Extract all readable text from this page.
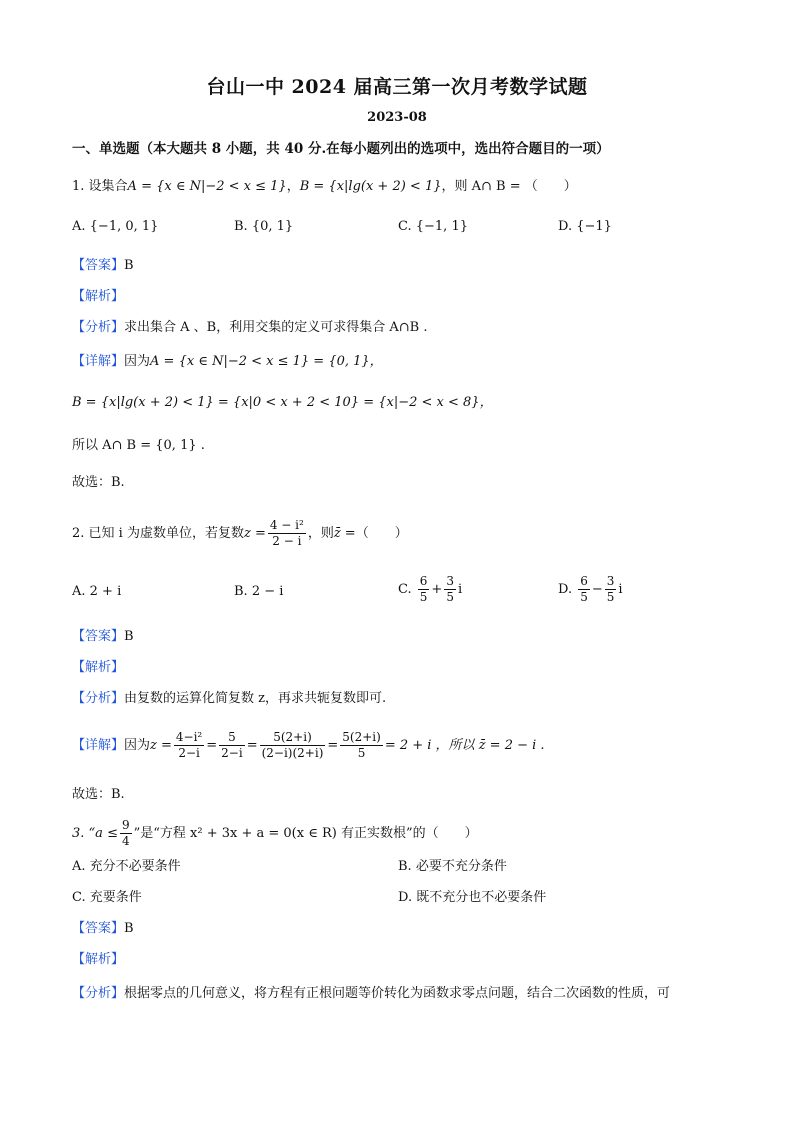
台山一中 2024 届高三第一次月考数学试题
2023-08
一、单选题（本大题共 8 小题，共 40 分.在每小题列出的选项中，选出符合题目的一项）
1. 设集合A = {x ∈ N|−2 < x ≤ 1}，B = {x|lg(x + 2) < 1}，则 A∩ B = （　　）
A. {−1, 0, 1}	B. {0, 1}	C. {−1, 1}	D. {−1}
【答案】B
【解析】
【分析】求出集合 A 、B，利用交集的定义可求得集合 A∩B .
【详解】因为A = {x ∈ N|−2 < x ≤ 1} = {0, 1}，
B = {x|lg(x + 2) < 1} = {x|0 < x + 2 < 10} = {x|−2 < x < 8}，
所以 A∩ B = {0, 1} .
故选：B.
2. 已知 i 为虚数单位，若复数$z = \frac{\text{4 − i²}}{2 - i}$ ，则z̄ =（　　）
A. 2 + i	B. 2 − i	C. $\frac{6}{5} + \frac{3}{5}$ i	D. $\frac{6}{5} - \frac{3}{5}$ i
【答案】B
【解析】
【分析】由复数的运算化简复数 z，再求共轭复数即可.
【详解】因为$z = \frac{\text{4−i²}}{2-i} = \frac{5}{2-i} = \frac{5(2+i)}{(2-i)(2+i)} = \frac{5(2+i)}{5} = 2 + i$ ，所以 z̄ = 2 − i .
故选：B.
3. “$a \le \frac{9}{4}$ ”是“方程 x² + 3x + a = 0(x ∈ R) 有正实数根”的（　　）
A. 充分不必要条件	B. 必要不充分条件
C. 充要条件	D. 既不充分也不必要条件
【答案】B
【解析】
【分析】根据零点的几何意义，将方程有正根问题等价转化为函数求零点问题，结合二次函数的性质，可
